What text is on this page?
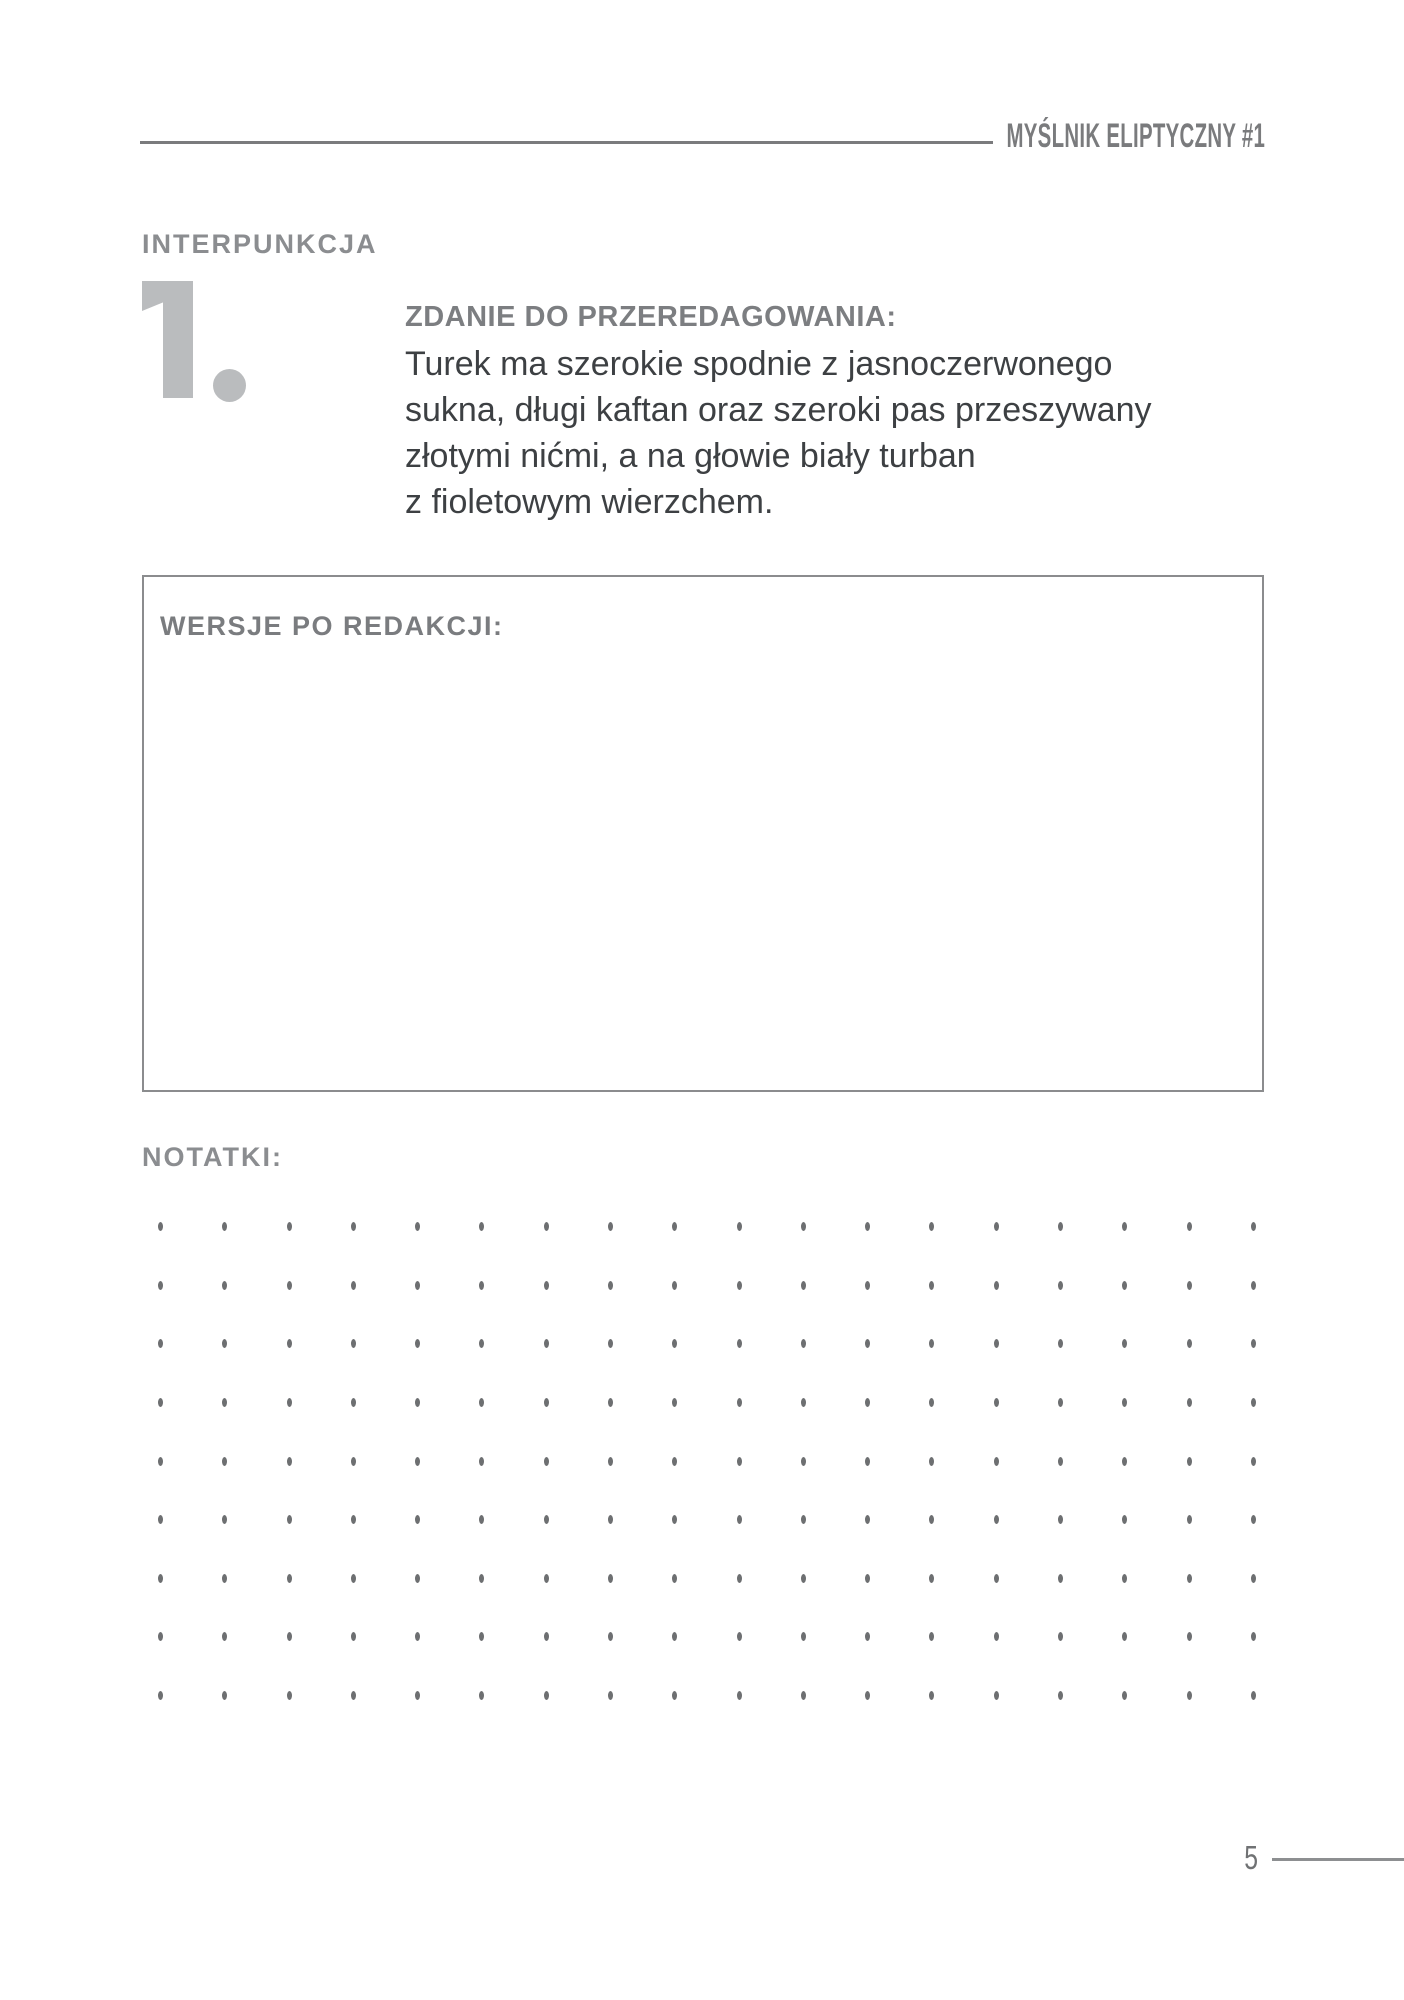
MYŚLNIK ELIPTYCZNY #1
INTERPUNKCJA
ZDANIE DO PRZEREDAGOWANIA:
Turek ma szerokie spodnie z jasnoczerwonego
sukna, długi kaftan oraz szeroki pas przeszywany
złotymi nićmi, a na głowie biały turban
z fioletowym wierzchem.
WERSJE PO REDAKCJI:
NOTATKI:
5
